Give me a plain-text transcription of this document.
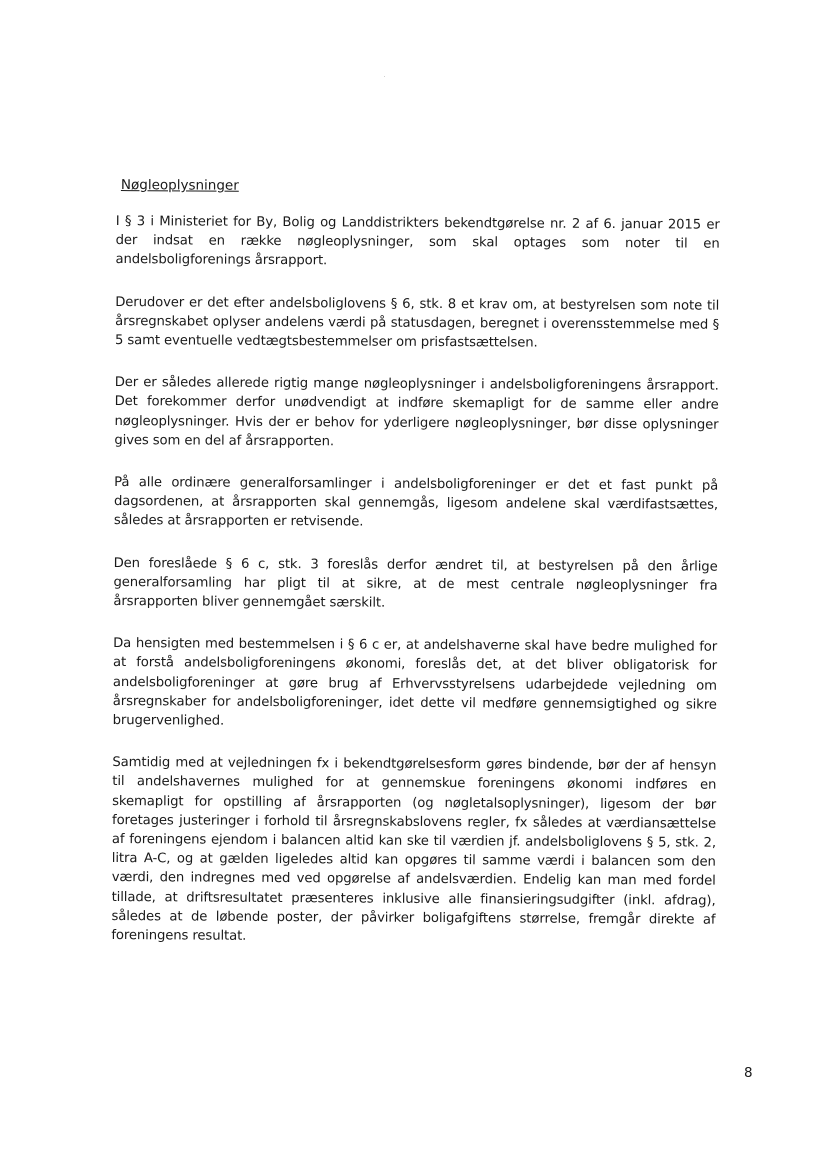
Nøgleoplysninger

I § 3 i Ministeriet for By, Bolig og Landdistrikters bekendtgørelse nr. 2 af 6. januar 2015 er der indsat en række nøgleoplysninger, som skal optages som noter til en andelsboligforenings årsrapport.

Derudover er det efter andelsboliglovens § 6, stk. 8 et krav om, at bestyrelsen som note til årsregnskabet oplyser andelens værdi på statusdagen, beregnet i overensstemmelse med § 5 samt eventuelle vedtægtsbestemmelser om prisfastsættelsen.

Der er således allerede rigtig mange nøgleoplysninger i andelsboligforeningens årsrapport. Det forekommer derfor unødvendigt at indføre skemapligt for de samme eller andre nøgleoplysninger. Hvis der er behov for yderligere nøgleoplysninger, bør disse oplysninger gives som en del af årsrapporten.

På alle ordinære generalforsamlinger i andelsboligforeninger er det et fast punkt på dagsordenen, at årsrapporten skal gennemgås, ligesom andelene skal værdifastsættes, således at årsrapporten er retvisende.

Den foreslåede § 6 c, stk. 3 foreslås derfor ændret til, at bestyrelsen på den årlige generalforsamling har pligt til at sikre, at de mest centrale nøgleoplysninger fra årsrapporten bliver gennemgået særskilt.

Da hensigten med bestemmelsen i § 6 c er, at andelshaverne skal have bedre mulighed for at forstå andelsboligforeningens økonomi, foreslås det, at det bliver obligatorisk for andelsboligforeninger at gøre brug af Erhvervsstyrelsens udarbejdede vejledning om årsregnskaber for andelsboligforeninger, idet dette vil medføre gennemsigtighed og sikre brugervenlighed.

Samtidig med at vejledningen fx i bekendtgørelsesform gøres bindende, bør der af hensyn til andelshavernes mulighed for at gennemskue foreningens økonomi indføres en skemapligt for opstilling af årsrapporten (og nøgletalsoplysninger), ligesom der bør foretages justeringer i forhold til årsregnskabslovens regler, fx således at værdiansættelse af foreningens ejendom i balancen altid kan ske til værdien jf. andelsboliglovens § 5, stk. 2, litra A-C, og at gælden ligeledes altid kan opgøres til samme værdi i balancen som den værdi, den indregnes med ved opgørelse af andelsværdien. Endelig kan man med fordel tillade, at driftsresultatet præsenteres inklusive alle finansieringsudgifter (inkl. afdrag), således at de løbende poster, der påvirker boligafgiftens størrelse, fremgår direkte af foreningens resultat.

8
